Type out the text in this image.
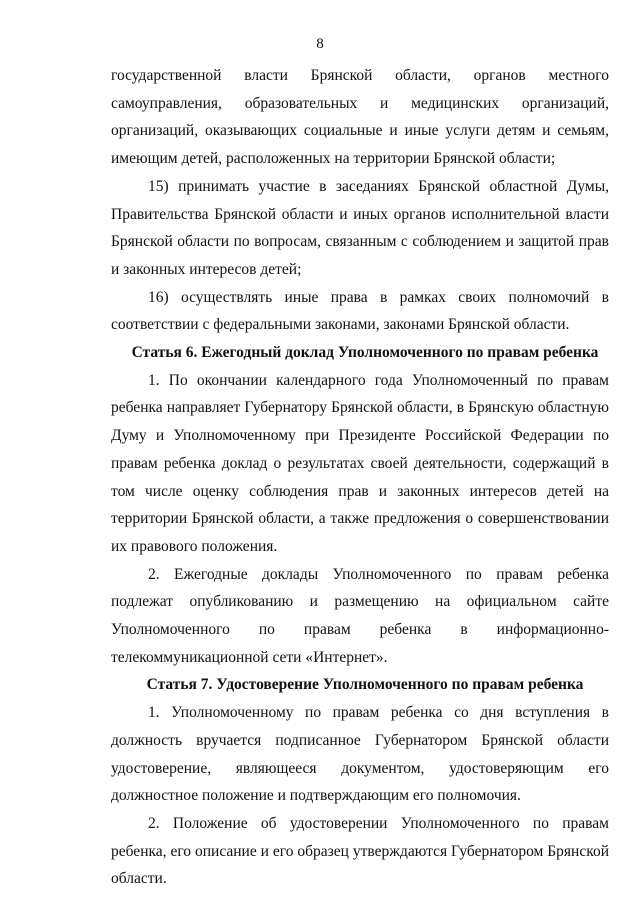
8

государственной власти Брянской области, органов местного самоуправления, образовательных и медицинских организаций, организаций, оказывающих социальные и иные услуги детям и семьям, имеющим детей, расположенных на территории Брянской области;

15) принимать участие в заседаниях Брянской областной Думы, Правительства Брянской области и иных органов исполнительной власти Брянской области по вопросам, связанным с соблюдением и защитой прав и законных интересов детей;

16) осуществлять иные права в рамках своих полномочий в соответствии с федеральными законами, законами Брянской области.

Статья 6. Ежегодный доклад Уполномоченного по правам ребенка

1. По окончании календарного года Уполномоченный по правам ребенка направляет Губернатору Брянской области, в Брянскую областную Думу и Уполномоченному при Президенте Российской Федерации по правам ребенка доклад о результатах своей деятельности, содержащий в том числе оценку соблюдения прав и законных интересов детей на территории Брянской области, а также предложения о совершенствовании их правового положения.

2. Ежегодные доклады Уполномоченного по правам ребенка подлежат опубликованию и размещению на официальном сайте Уполномоченного по правам ребенка в информационно-телекоммуникационной сети «Интернет».

Статья 7. Удостоверение Уполномоченного по правам ребенка

1. Уполномоченному по правам ребенка со дня вступления в должность вручается подписанное Губернатором Брянской области удостоверение, являющееся документом, удостоверяющим его должностное положение и подтверждающим его полномочия.

2. Положение об удостоверении Уполномоченного по правам ребенка, его описание и его образец утверждаются Губернатором Брянской области.
